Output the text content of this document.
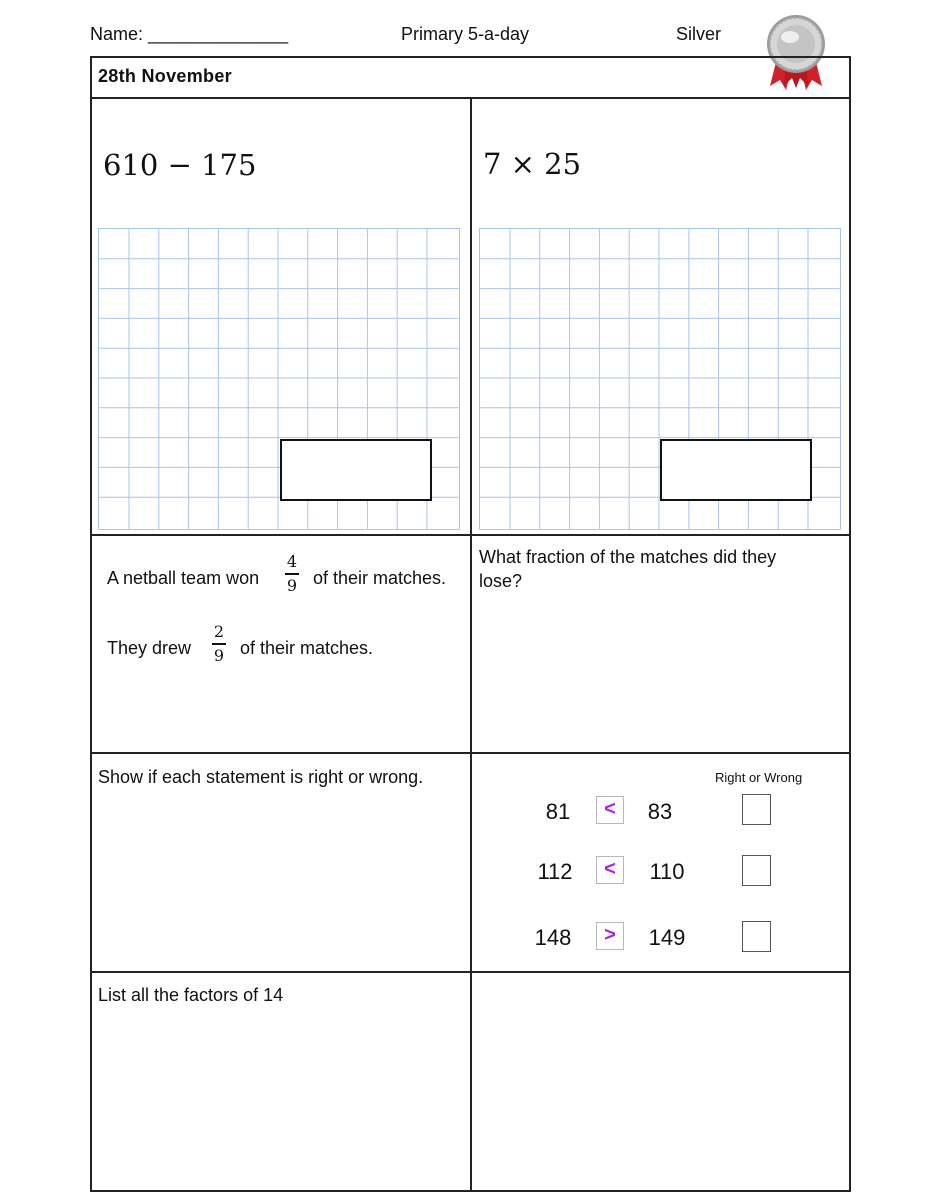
Name: ______________	Primary 5-a-day	Silver
28th November
610 − 175	7 × 25
A netball team won
4
9 of their matches.
They drew
2
9 of their matches.
What fraction of the matches did they
lose?
Show if each statement is right or wrong.	Right or Wrong
81	<	83
112	<	110
148	>	149
List all the factors of 14
